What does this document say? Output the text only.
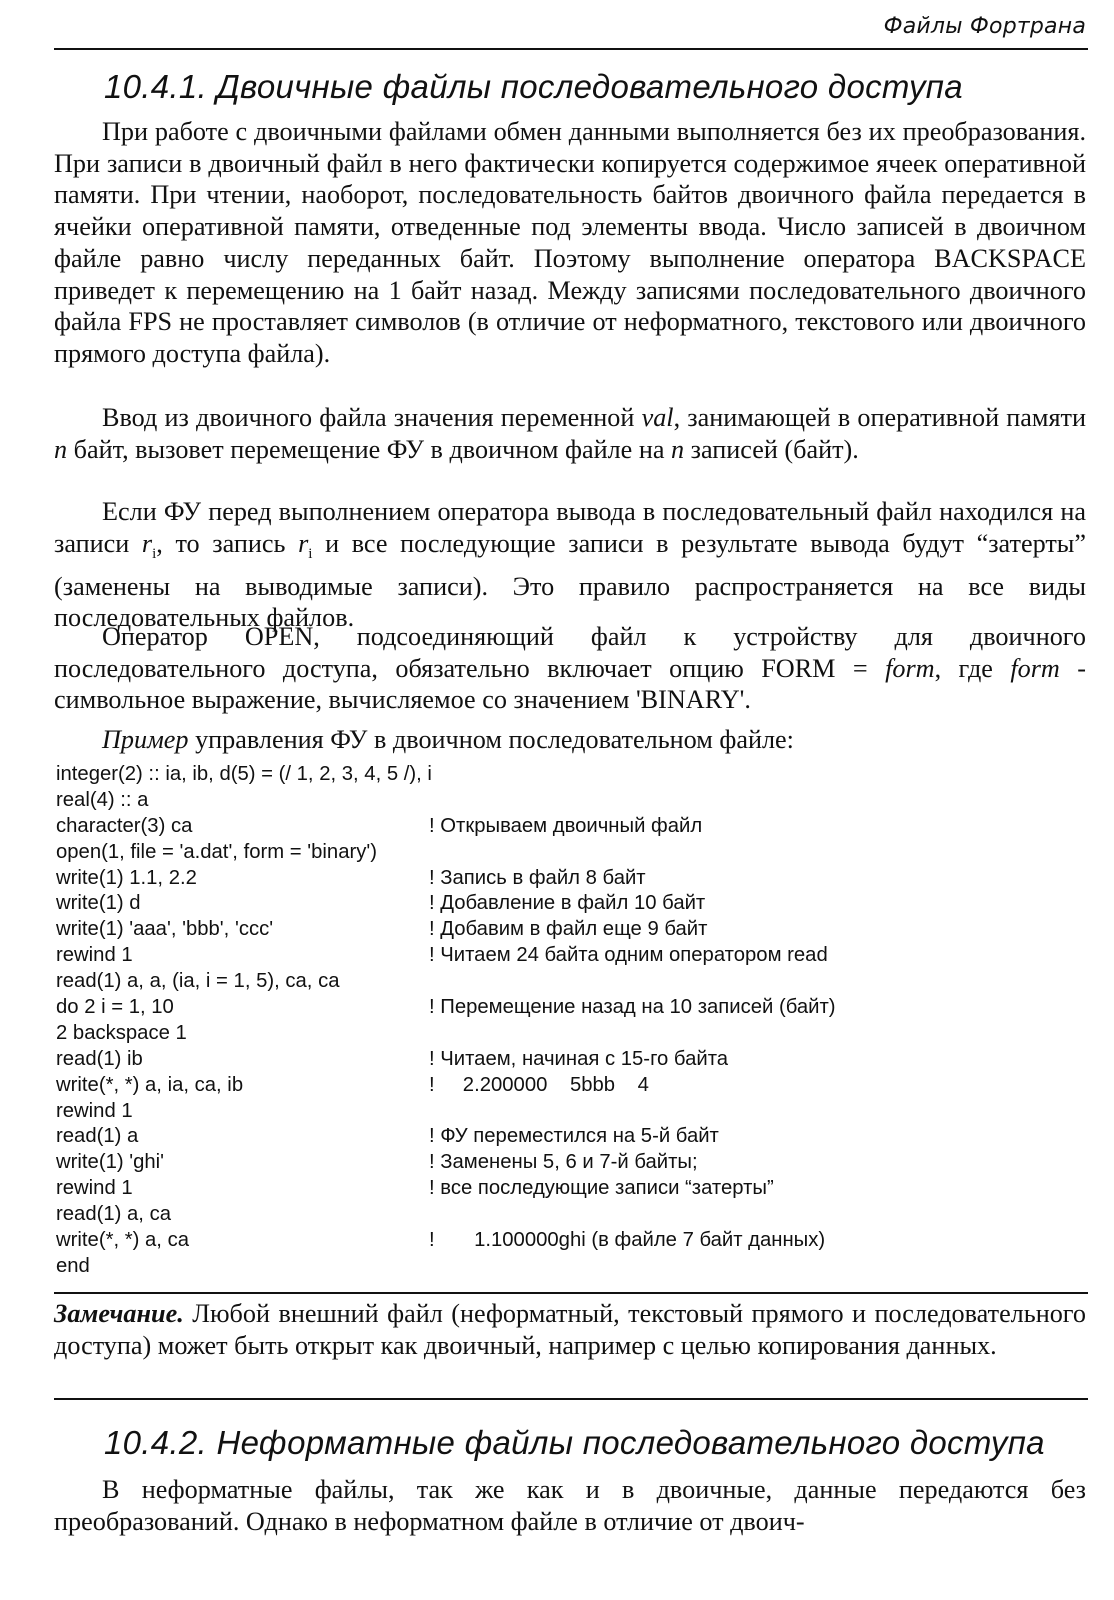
Файлы Фортрана
10.4.1. Двоичные файлы последовательного доступа
При работе с двоичными файлами обмен данными выполняется без их преобразования. При записи в двоичный файл в него фактически копируется содержимое ячеек оперативной памяти. При чтении, наоборот, последовательность байтов двоичного файла передается в ячейки оперативной памяти, отведенные под элементы ввода. Число записей в двоичном файле равно числу переданных байт. Поэтому выполнение оператора BACKSPACE приведет к перемещению на 1 байт назад. Между записями последовательного двоичного файла FPS не проставляет символов (в отличие от неформатного, текстового или двоичного прямого доступа файла).
Ввод из двоичного файла значения переменной val, занимающей в оперативной памяти n байт, вызовет перемещение ФУ в двоичном файле на n записей (байт).
Если ФУ перед выполнением оператора вывода в последовательный файл находился на записи $r_i$, то запись $r_i$ и все последующие записи в результате вывода будут “затерты” (заменены на выводимые записи). Это правило распространяется на все виды последовательных файлов.
Оператор OPEN, подсоединяющий файл к устройству для двоичного последовательного доступа, обязательно включает опцию FORM = form, где form - символьное выражение, вычисляемое со значением 'BINARY'.
Пример управления ФУ в двоичном последовательном файле:
integer(2) :: ia, ib, d(5) = (/ 1, 2, 3, 4, 5 /), i
real(4) :: a
character(3) ca	! Открываем двоичный файл
open(1, file = 'a.dat', form = 'binary')
write(1) 1.1, 2.2	! Запись в файл 8 байт
write(1) d	! Добавление в файл 10 байт
write(1) 'aaa', 'bbb', 'ccc'	! Добавим в файл еще 9 байт
rewind 1	! Читаем 24 байта одним оператором read
read(1) a, a, (ia, i = 1, 5), ca, ca
do 2 i = 1, 10	! Перемещение назад на 10 записей (байт)
2 backspace 1
read(1) ib	! Читаем, начиная с 15-го байта
write(*, *) a, ia, ca, ib	!     2.200000    5bbb    4
rewind 1
read(1) a	! ФУ переместился на 5-й байт
write(1) 'ghi'	! Заменены 5, 6 и 7-й байты;
rewind 1	! все последующие записи “затерты”
read(1) a, ca
write(*, *) a, ca	!       1.100000ghi (в файле 7 байт данных)
end
Замечание. Любой внешний файл (неформатный, текстовый прямого и последовательного доступа) может быть открыт как двоичный, например с целью копирования данных.
10.4.2. Неформатные файлы последовательного доступа
В неформатные файлы, так же как и в двоичные, данные передаются без преобразований. Однако в неформатном файле в отличие от двоич-
